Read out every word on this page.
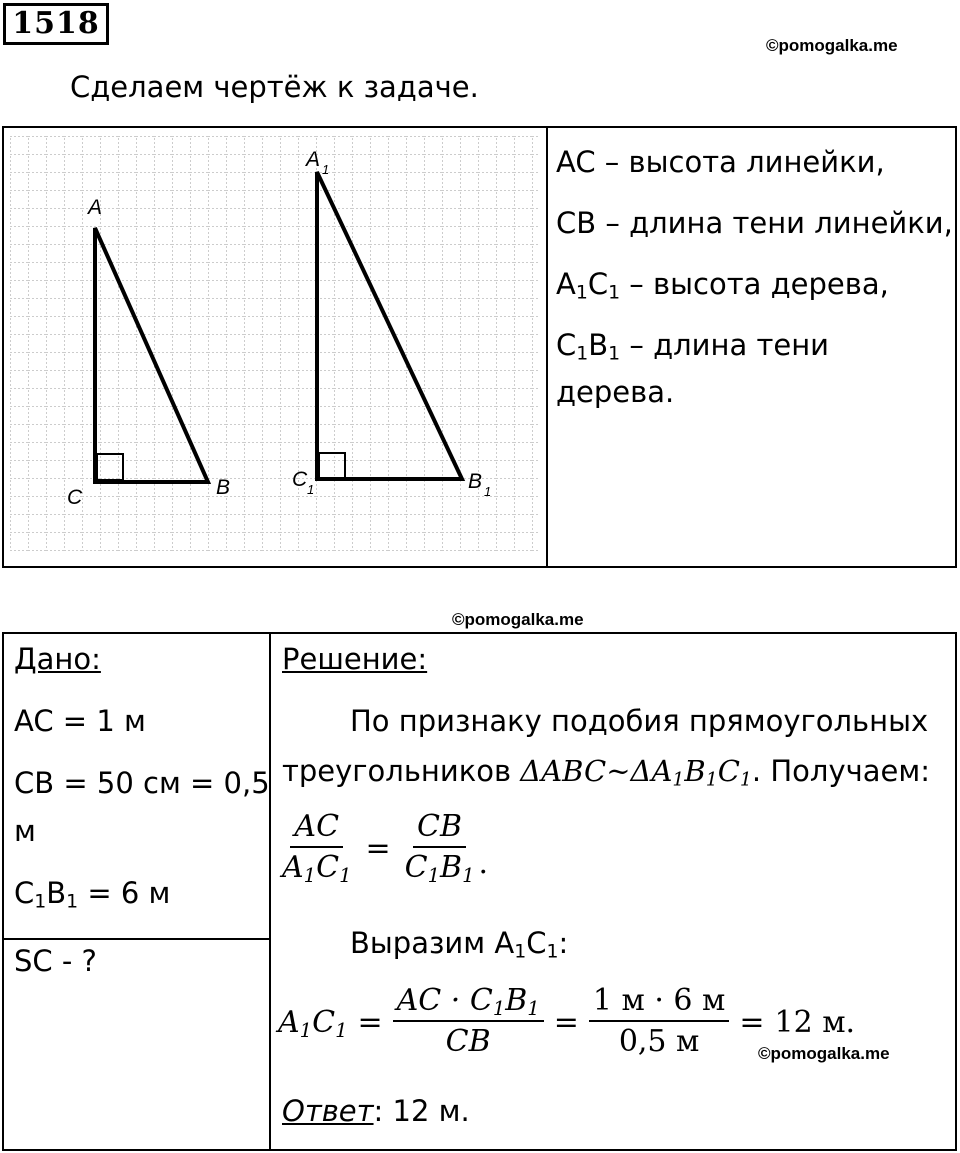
1518
©pomogalka.me
Сделаем чертёж к задаче.
A
B
C
A 1
B 1
C 1
AC – высота линейки,
CB – длина тени линейки,
$A_1C_1$ – высота дерева,
$C_1B_1$ – длина тени
дерева.
©pomogalka.me
Дано:
AC = 1 м
CB = 50 см = 0,5
м
$C_1B_1 = 6$ м
SC - ?
Решение:
По признаку подобия прямоугольных
треугольников $\Delta ABC\sim\Delta A_1B_1C_1$. Получаем:
$\frac{AC}{A_1C_1} = \frac{CB}{C_1B_1}$ .
Выразим $A_1C_1$:
$A_1C_1 = \frac{AC \cdot C_1B_1}{CB} = \frac{1 м \cdot 6 м}{0,5 м} = 12$ м.
©pomogalka.me
Ответ: 12 м.
